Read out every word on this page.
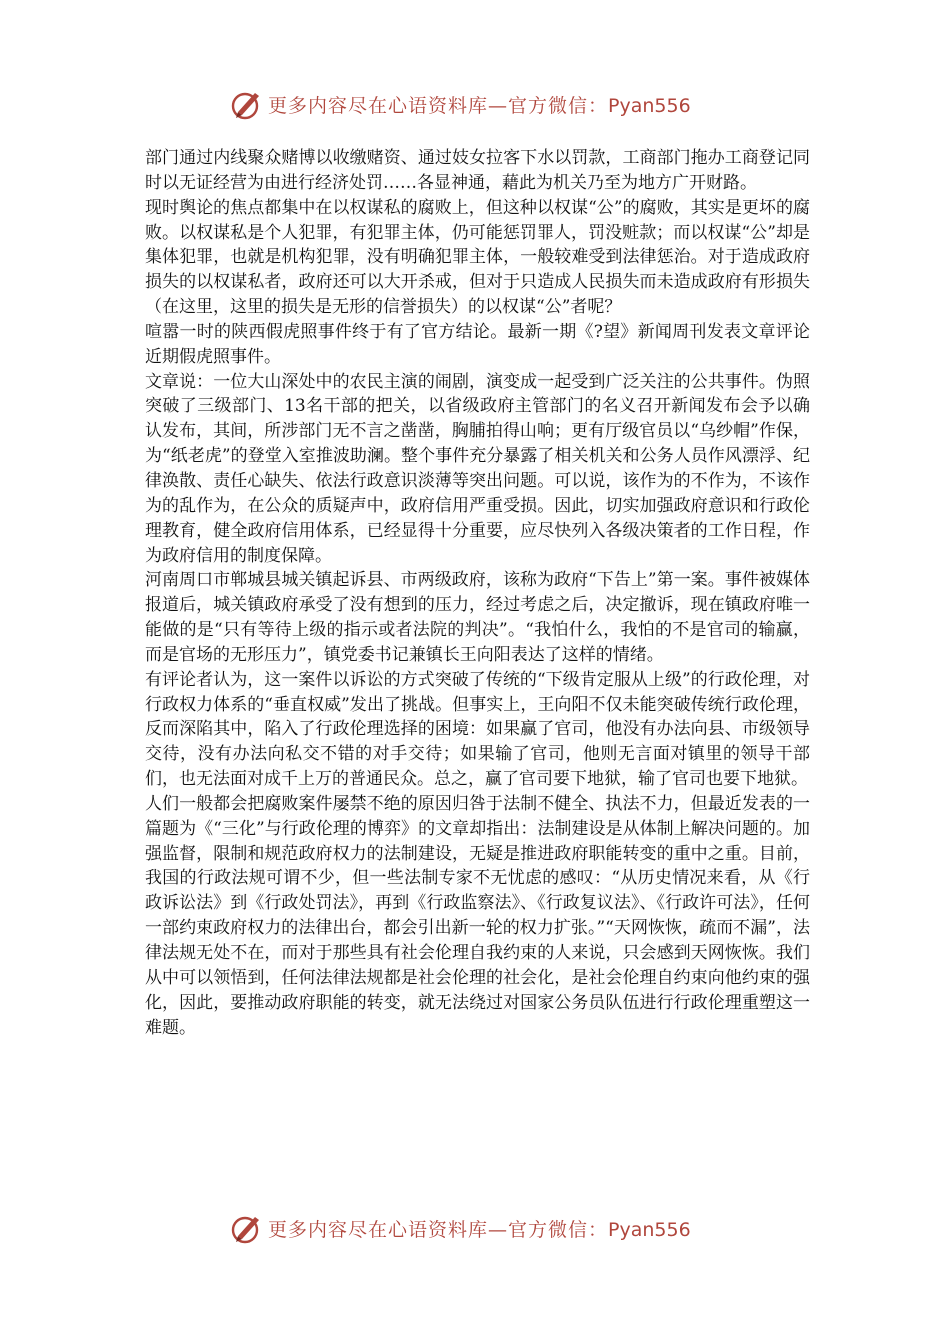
更多内容尽在心语资料库—官方微信：Pyan556

部门通过内线聚众赌博以收缴赌资、通过妓女拉客下水以罚款，工商部门拖办工商登记同时以无证经营为由进行经济处罚……各显神通，藉此为机关乃至为地方广开财路。

现时舆论的焦点都集中在以权谋私的腐败上，但这种以权谋“公”的腐败，其实是更坏的腐败。以权谋私是个人犯罪，有犯罪主体，仍可能惩罚罪人，罚没赃款；而以权谋“公”却是集体犯罪，也就是机构犯罪，没有明确犯罪主体，一般较难受到法律惩治。对于造成政府损失的以权谋私者，政府还可以大开杀戒，但对于只造成人民损失而未造成政府有形损失（在这里，这里的损失是无形的信誉损失）的以权谋“公”者呢？

喧嚣一时的陕西假虎照事件终于有了官方结论。最新一期《?望》新闻周刊发表文章评论近期假虎照事件。

文章说：一位大山深处中的农民主演的闹剧，演变成一起受到广泛关注的公共事件。伪照突破了三级部门、13名干部的把关，以省级政府主管部门的名义召开新闻发布会予以确认发布，其间，所涉部门无不言之凿凿，胸脯拍得山响；更有厅级官员以“乌纱帽”作保，为“纸老虎”的登堂入室推波助澜。整个事件充分暴露了相关机关和公务人员作风漂浮、纪律涣散、责任心缺失、依法行政意识淡薄等突出问题。可以说，该作为的不作为，不该作为的乱作为，在公众的质疑声中，政府信用严重受损。因此，切实加强政府意识和行政伦理教育，健全政府信用体系，已经显得十分重要，应尽快列入各级决策者的工作日程，作为政府信用的制度保障。

河南周口市郸城县城关镇起诉县、市两级政府，该称为政府“下告上”第一案。事件被媒体报道后，城关镇政府承受了没有想到的压力，经过考虑之后，决定撤诉，现在镇政府唯一能做的是“只有等待上级的指示或者法院的判决”。“我怕什么，我怕的不是官司的输赢，而是官场的无形压力”，镇党委书记兼镇长王向阳表达了这样的情绪。

有评论者认为，这一案件以诉讼的方式突破了传统的“下级肯定服从上级”的行政伦理，对行政权力体系的“垂直权威”发出了挑战。但事实上，王向阳不仅未能突破传统行政伦理，反而深陷其中，陷入了行政伦理选择的困境：如果赢了官司，他没有办法向县、市级领导交待，没有办法向私交不错的对手交待；如果输了官司，他则无言面对镇里的领导干部们，也无法面对成千上万的普通民众。总之，赢了官司要下地狱，输了官司也要下地狱。

人们一般都会把腐败案件屡禁不绝的原因归咎于法制不健全、执法不力，但最近发表的一篇题为《“三化”与行政伦理的博弈》的文章却指出：法制建设是从体制上解决问题的。加强监督，限制和规范政府权力的法制建设，无疑是推进政府职能转变的重中之重。目前，我国的行政法规可谓不少，但一些法制专家不无忧虑的感叹：“从历史情况来看，从《行政诉讼法》到《行政处罚法》，再到《行政监察法》、《行政复议法》、《行政许可法》，任何一部约束政府权力的法律出台，都会引出新一轮的权力扩张。”“天网恢恢，疏而不漏”，法律法规无处不在，而对于那些具有社会伦理自我约束的人来说，只会感到天网恢恢。我们从中可以领悟到，任何法律法规都是社会伦理的社会化，是社会伦理自约束向他约束的强化，因此，要推动政府职能的转变，就无法绕过对国家公务员队伍进行行政伦理重塑这一难题。

更多内容尽在心语资料库—官方微信：Pyan556
